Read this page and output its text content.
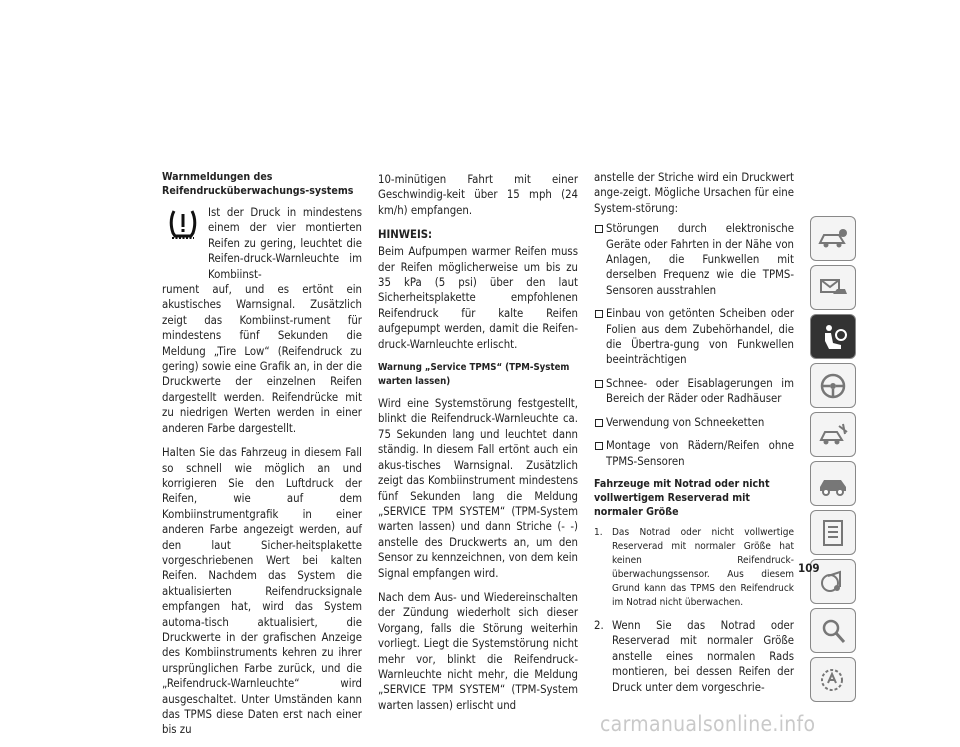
Warnmeldungen des Reifendrucküberwachungs-systems

Ist der Druck in mindestens einem der vier montierten Reifen zu gering, leuchtet die Reifen-druck-Warnleuchte im Kombiinst-

rument auf, und es ertönt ein akustisches Warnsignal. Zusätzlich zeigt das Kombiinst-rument für mindestens fünf Sekunden die Meldung „Tire Low“ (Reifendruck zu gering) sowie eine Grafik an, in der die Druckwerte der einzelnen Reifen dargestellt werden. Reifendrücke mit zu niedrigen Werten werden in einer anderen Farbe dargestellt.

Halten Sie das Fahrzeug in diesem Fall so schnell wie möglich an und korrigieren Sie den Luftdruck der Reifen, wie auf dem Kombiinstrumentgrafik in einer anderen Farbe angezeigt werden, auf den laut Sicher-heitsplakette vorgeschriebenen Wert bei kalten Reifen. Nachdem das System die aktualisierten Reifendrucksignale empfangen hat, wird das System automa-tisch aktualisiert, die Druckwerte in der grafischen Anzeige des Kombiinstruments kehren zu ihrer ursprünglichen Farbe zurück, und die „Reifendruck-Warnleuchte“ wird ausgeschaltet. Unter Umständen kann das TPMS diese Daten erst nach einer bis zu

10-minütigen Fahrt mit einer Geschwindig-keit über 15 mph (24 km/h) empfangen.

HINWEIS:

Beim Aufpumpen warmer Reifen muss der Reifen möglicherweise um bis zu 35 kPa (5 psi) über den laut Sicherheitsplakette empfohlenen Reifendruck für kalte Reifen aufgepumpt werden, damit die Reifen-druck-Warnleuchte erlischt.

Warnung „Service TPMS“ (TPM-System warten lassen)

Wird eine Systemstörung festgestellt, blinkt die Reifendruck-Warnleuchte ca. 75 Sekunden lang und leuchtet dann ständig. In diesem Fall ertönt auch ein akus-tisches Warnsignal. Zusätzlich zeigt das Kombiinstrument mindestens fünf Sekunden lang die Meldung „SERVICE TPM SYSTEM“ (TPM-System warten lassen) und dann Striche (- -) anstelle des Druckwerts an, um den Sensor zu kennzeichnen, von dem kein Signal empfangen wird.

Nach dem Aus- und Wiedereinschalten der Zündung wiederholt sich dieser Vorgang, falls die Störung weiterhin vorliegt. Liegt die Systemstörung nicht mehr vor, blinkt die Reifendruck-Warnleuchte nicht mehr, die Meldung „SERVICE TPM SYSTEM“ (TPM-System warten lassen) erlischt und

anstelle der Striche wird ein Druckwert ange-zeigt. Mögliche Ursachen für eine System-störung:

Störungen durch elektronische Geräte oder Fahrten in der Nähe von Anlagen, die Funkwellen mit derselben Frequenz wie die TPMS-Sensoren ausstrahlen
Einbau von getönten Scheiben oder Folien aus dem Zubehörhandel, die die Übertra-gung von Funkwellen beeinträchtigen
Schnee- oder Eisablagerungen im Bereich der Räder oder Radhäuser
Verwendung von Schneeketten
Montage von Rädern/Reifen ohne TPMS-Sensoren
Fahrzeuge mit Notrad oder nicht vollwertigem Reserverad mit normaler Größe
1. Das Notrad oder nicht vollwertige Reserverad mit normaler Größe hat keinen Reifendruck-überwachungssensor. Aus diesem Grund kann das TPMS den Reifendruck im Notrad nicht überwachen.
2. Wenn Sie das Notrad oder Reserverad mit normaler Größe anstelle eines normalen Rads montieren, bei dessen Reifen der Druck unter dem vorgeschrie-
109
carmanualsonline.info
